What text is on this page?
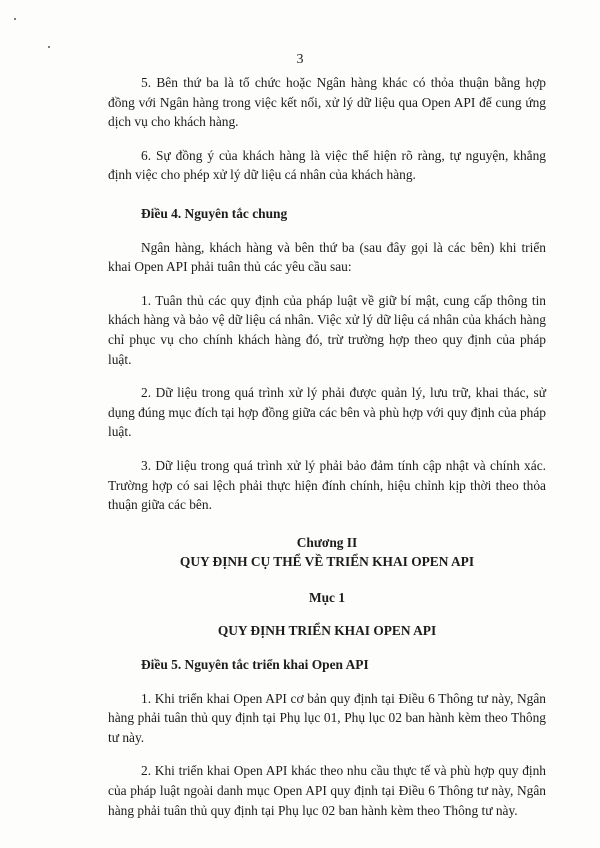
3

5. Bên thứ ba là tổ chức hoặc Ngân hàng khác có thỏa thuận bằng hợp đồng với Ngân hàng trong việc kết nối, xử lý dữ liệu qua Open API để cung ứng dịch vụ cho khách hàng.

6. Sự đồng ý của khách hàng là việc thể hiện rõ ràng, tự nguyện, khẳng định việc cho phép xử lý dữ liệu cá nhân của khách hàng.

Điều 4. Nguyên tắc chung

Ngân hàng, khách hàng và bên thứ ba (sau đây gọi là các bên) khi triển khai Open API phải tuân thủ các yêu cầu sau:

1. Tuân thủ các quy định của pháp luật về giữ bí mật, cung cấp thông tin khách hàng và bảo vệ dữ liệu cá nhân. Việc xử lý dữ liệu cá nhân của khách hàng chỉ phục vụ cho chính khách hàng đó, trừ trường hợp theo quy định của pháp luật.

2. Dữ liệu trong quá trình xử lý phải được quản lý, lưu trữ, khai thác, sử dụng đúng mục đích tại hợp đồng giữa các bên và phù hợp với quy định của pháp luật.

3. Dữ liệu trong quá trình xử lý phải bảo đảm tính cập nhật và chính xác. Trường hợp có sai lệch phải thực hiện đính chính, hiệu chỉnh kịp thời theo thỏa thuận giữa các bên.

Chương II

QUY ĐỊNH CỤ THỂ VỀ TRIỂN KHAI OPEN API

Mục 1

QUY ĐỊNH TRIỂN KHAI OPEN API

Điều 5. Nguyên tắc triển khai Open API

1. Khi triển khai Open API cơ bản quy định tại Điều 6 Thông tư này, Ngân hàng phải tuân thủ quy định tại Phụ lục 01, Phụ lục 02 ban hành kèm theo Thông tư này.

2. Khi triển khai Open API khác theo nhu cầu thực tế và phù hợp quy định của pháp luật ngoài danh mục Open API quy định tại Điều 6 Thông tư này, Ngân hàng phải tuân thủ quy định tại Phụ lục 02 ban hành kèm theo Thông tư này.
